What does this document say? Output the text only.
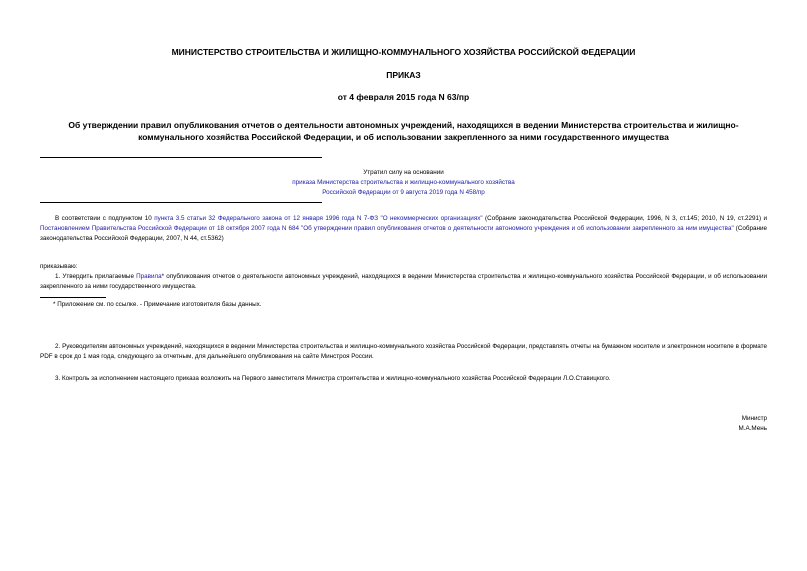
МИНИСТЕРСТВО СТРОИТЕЛЬСТВА И ЖИЛИЩНО-КОММУНАЛЬНОГО ХОЗЯЙСТВА РОССИЙСКОЙ ФЕДЕРАЦИИ
ПРИКАЗ
от 4 февраля 2015 года N 63/пр
Об утверждении правил опубликования отчетов о деятельности автономных учреждений, находящихся в ведении Министерства строительства и жилищно-коммунального хозяйства Российской Федерации, и об использовании закрепленного за ними государственного имущества
Утратил силу на основании
приказа Министерства строительства и жилищно-коммунального хозяйства
Российской Федерации от 9 августа 2019 года N 458/пр
В соответствии с подпунктом 10 пункта 3.5 статьи 32 Федерального закона от 12 января 1996 года N 7-ФЗ "О некоммерческих организациях" (Собрание законодательства Российской Федерации, 1996, N 3, ст.145; 2010, N 19, ст.2291) и Постановлением Правительства Российской Федерации от 18 октября 2007 года N 684 "Об утверждении правил опубликования отчетов о деятельности автономного учреждения и об использовании закрепленного за ним имущества" (Собрание законодательства Российской Федерации, 2007, N 44, ст.5362)
приказываю:
1. Утвердить прилагаемые Правила* опубликования отчетов о деятельности автономных учреждений, находящихся в ведении Министерства строительства и жилищно-коммунального хозяйства Российской Федерации, и об использовании закрепленного за ними государственного имущества.
* Приложение см. по ссылке. - Примечание изготовителя базы данных.
2. Руководителям автономных учреждений, находящихся в ведении Министерства строительства и жилищно-коммунального хозяйства Российской Федерации, представлять отчеты на бумажном носителе и электронном носителе в формате PDF в срок до 1 мая года, следующего за отчетным, для дальнейшего опубликования на сайте Минстроя России.
3. Контроль за исполнением настоящего приказа возложить на Первого заместителя Министра строительства и жилищно-коммунального хозяйства Российской Федерации Л.О.Ставицкого.
Министр
М.А.Мень
